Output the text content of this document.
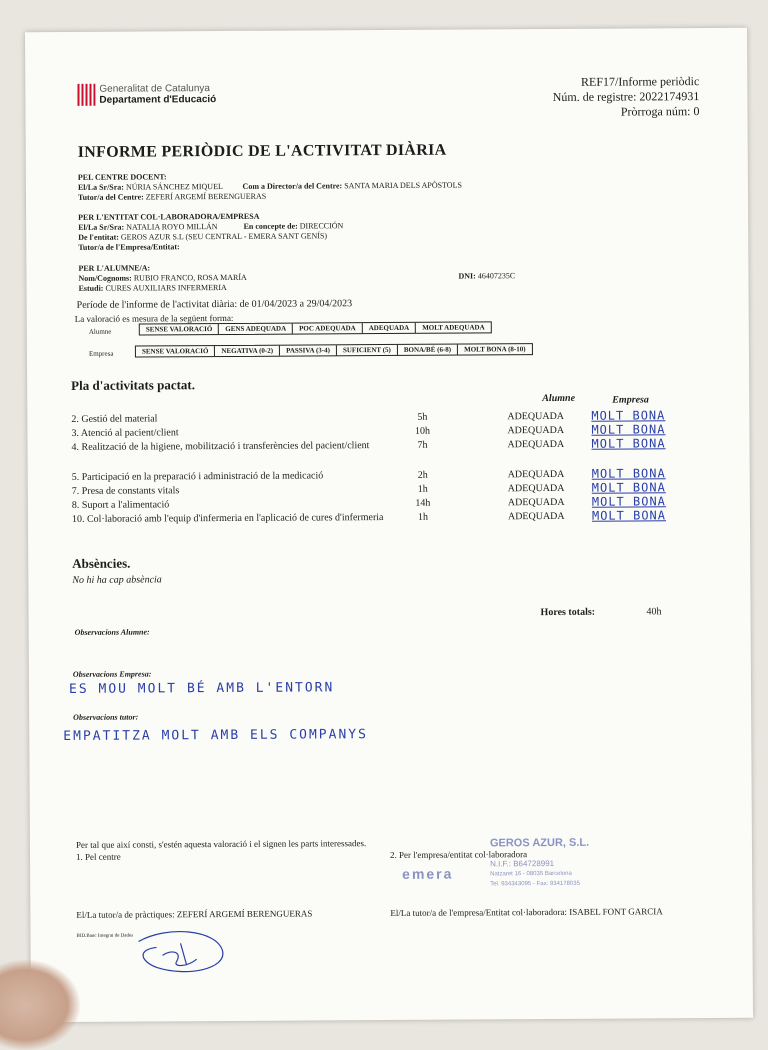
Generalitat de Catalunya
Departament d'Educació
REF17/Informe periòdic
Núm. de registre: 2022174931
Pròrroga núm: 0
INFORME PERIÒDIC DE L'ACTIVITAT DIÀRIA
PEL CENTRE DOCENT:
El/La Sr/Sra: NÚRIA SÁNCHEZ MIQUEL Com a Director/a del Centre: SANTA MARIA DELS APÒSTOLS
Tutor/a del Centre: ZEFERÍ ARGEMÍ BERENGUERAS
PER L'ENTITAT COL·LABORADORA/EMPRESA
El/La Sr/Sra: NATALIA ROYO MILLÁN	En concepte de: DIRECCIÓN
De l'entitat: GEROS AZUR S.L (SEU CENTRAL - EMERA SANT GENÍS)
Tutor/a de l'Empresa/Entitat:
PER L'ALUMNE/A:
Nom/Cognoms: RUBIO FRANCO, ROSA MARÍA	DNI: 46407235C
Estudi: CURES AUXILIARS INFERMERIA
Període de l'informe de l'activitat diària: de 01/04/2023 a 29/04/2023
La valoració es mesura de la següent forma:
Alumne	SENSE VALORACIÓ	GENS ADEQUADA	POC ADEQUADA	ADEQUADA	MOLT ADEQUADA
Empresa	SENSE VALORACIÓ	NEGATIVA (0-2)	PASSIVA (3-4)	SUFICIENT (5)	BONA/BÉ (6-8)	MOLT BONA (8-10)
Pla d'activitats pactat.
Alumne	Empresa
2. Gestió del material	5h	ADEQUADA MOLT BONA
3. Atenció al pacient/client	10h	ADEQUADA MOLT BONA
4. Realització de la higiene, mobilització i transferències del pacient/client	7h	ADEQUADA MOLT BONA
5. Participació en la preparació i administració de la medicació	2h	ADEQUADA MOLT BONA
7. Presa de constants vitals	1h	ADEQUADA MOLT BONA
8. Suport a l'alimentació	14h	ADEQUADA MOLT BONA
10. Col·laboració amb l'equip d'infermeria en l'aplicació de cures d'infermeria	1h	ADEQUADA MOLT BONA
Absències.
No hi ha cap absència
Hores totals:	40h
Observacions Alumne:
Observacions Empresa:
ES MOU MOLT BÉ AMB L'ENTORN
Observacions tutor:
EMPATITZA MOLT AMB ELS COMPANYS
Per tal que així consti, s'estén aquesta valoració i el signen les parts interessades.
1. Pel centre	2. Per l'empresa/entitat col·laboradora
GEROS AZUR, S.L.
emera
N.I.F.: B64728991
Natzaret 16 - 08035 Barcelona
Tel. 934343095 - Fax: 934178035
El/La tutor/a de pràctiques: ZEFERÍ ARGEMÍ BERENGUERAS	El/La tutor/a de l'empresa/Entitat col·laboradora: ISABEL FONT GARCIA
BID.Banc Integrat de Dades
